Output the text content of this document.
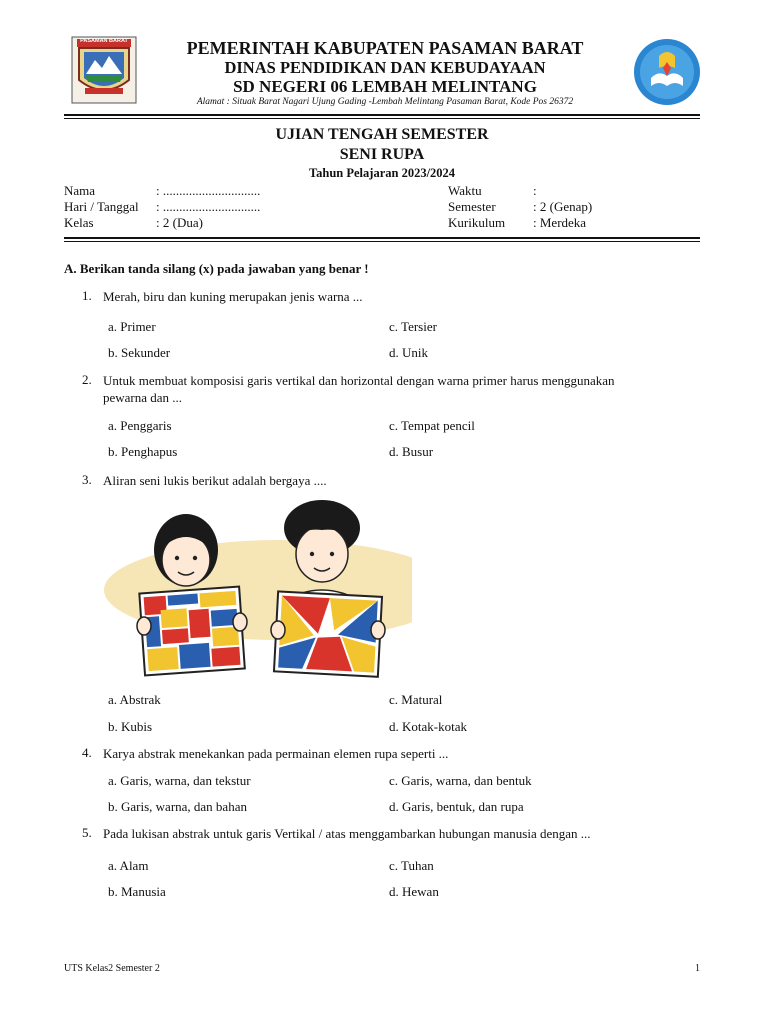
PASAMAN BARAT	PEMERINTAH KABUPATEN PASAMAN BARAT
DINAS PENDIDIKAN DAN KEBUDAYAAN
SD NEGERI 06 LEMBAH MELINTANG
Alamat : Situak Barat Nagari Ujung Gading -Lembah Melintang Pasaman Barat, Kode Pos 26372
UJIAN TENGAH SEMESTER
SENI RUPA
Tahun Pelajaran 2023/2024
Nama	: ..............................
Hari / Tanggal : ..............................
Kelas	: 2 (Dua)
Waktu	:
Semester	: 2 (Genap)
Kurikulum : Merdeka
A. Berikan tanda silang (x) pada jawaban yang benar !
1. Merah, biru dan kuning merupakan jenis warna ...
a. Primer
b. Sekunder
c. Tersier
d. Unik
2. Untuk membuat komposisi garis vertikal dan horizontal dengan warna primer harus menggunakan
pewarna dan ...
a. Penggaris
b. Penghapus
c. Tempat pencil
d. Busur
3. Aliran seni lukis berikut adalah bergaya ....
a. Abstrak
b. Kubis
c. Matural
d. Kotak-kotak
4. Karya abstrak menekankan pada permainan elemen rupa seperti ...
a. Garis, warna, dan tekstur
b. Garis, warna, dan bahan
c. Garis, warna, dan bentuk
d. Garis, bentuk, dan rupa
5. Pada lukisan abstrak untuk garis Vertikal / atas menggambarkan hubungan manusia dengan ...
a. Alam
b. Manusia
c. Tuhan
d. Hewan
UTS Kelas2 Semester 2	1
